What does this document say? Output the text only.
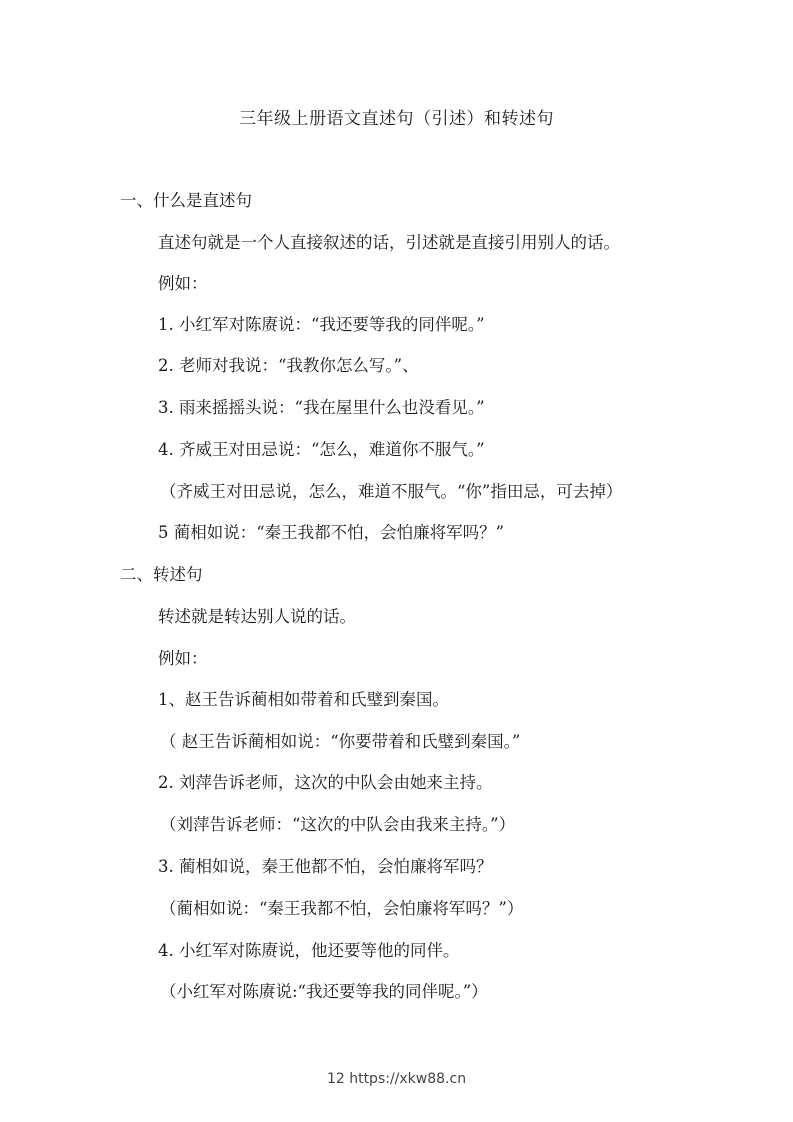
三年级上册语文直述句（引述）和转述句
一、什么是直述句
直述句就是一个人直接叙述的话，引述就是直接引用别人的话。
例如：
1. 小红军对陈赓说：“我还要等我的同伴呢。”
2. 老师对我说：“我教你怎么写。”、
3. 雨来摇摇头说：“我在屋里什么也没看见。”
4. 齐威王对田忌说：“怎么，难道你不服气。”
（齐威王对田忌说，怎么，难道不服气。“你”指田忌，可去掉）
5 蔺相如说：“秦王我都不怕，会怕廉将军吗？”
二、转述句
转述就是转达别人说的话。
例如：
1、赵王告诉蔺相如带着和氏璧到秦国。
（ 赵王告诉蔺相如说：“你要带着和氏璧到秦国。”
2. 刘萍告诉老师，这次的中队会由她来主持。
（刘萍告诉老师：“这次的中队会由我来主持。”）
3. 蔺相如说，秦王他都不怕，会怕廉将军吗？
（蔺相如说：“秦王我都不怕，会怕廉将军吗？”）
4. 小红军对陈赓说，他还要等他的同伴。
（小红军对陈赓说:“我还要等我的同伴呢。”）
12 https://xkw88.cn
